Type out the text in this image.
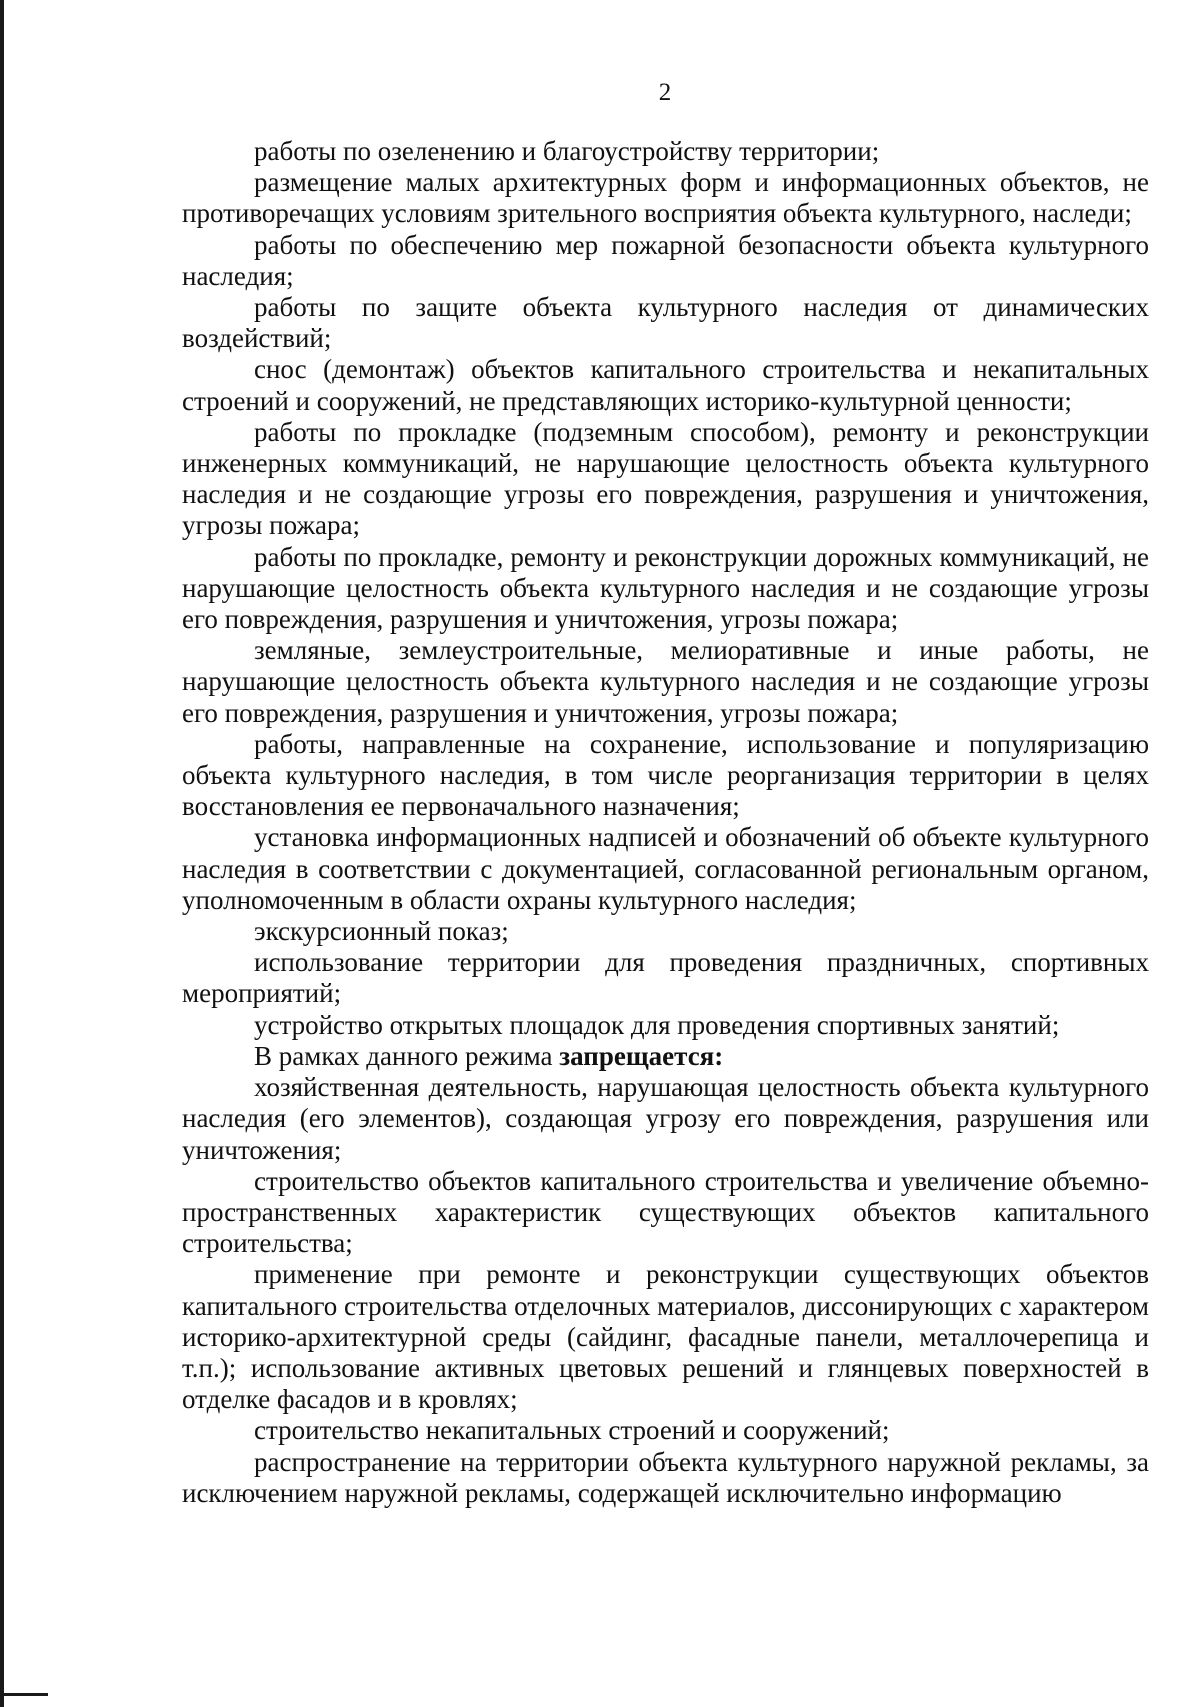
2

работы по озеленению и благоустройству территории;

размещение малых архитектурных форм и информационных объектов, не противоречащих условиям зрительного восприятия объекта культурного, наследи;

работы по обеспечению мер пожарной безопасности объекта культурного наследия;

работы по защите объекта культурного наследия от динамических воздействий;

снос (демонтаж) объектов капитального строительства и некапитальных строений и сооружений, не представляющих историко-культурной ценности;

работы по прокладке (подземным способом), ремонту и реконструкции инженерных коммуникаций, не нарушающие целостность объекта культурного наследия и не создающие угрозы его повреждения, разрушения и уничтожения, угрозы пожара;

работы по прокладке, ремонту и реконструкции дорожных коммуникаций, не нарушающие целостность объекта культурного наследия и не создающие угрозы его повреждения, разрушения и уничтожения, угрозы пожара;

земляные, землеустроительные, мелиоративные и иные работы, не нарушающие целостность объекта культурного наследия и не создающие угрозы его повреждения, разрушения и уничтожения, угрозы пожара;

работы, направленные на сохранение, использование и популяризацию объекта культурного наследия, в том числе реорганизация территории в целях восстановления ее первоначального назначения;

установка информационных надписей и обозначений об объекте культурного наследия в соответствии с документацией, согласованной региональным органом, уполномоченным в области охраны культурного наследия;

экскурсионный показ;

использование территории для проведения праздничных, спортивных мероприятий;

устройство открытых площадок для проведения спортивных занятий;

В рамках данного режима запрещается:

хозяйственная деятельность, нарушающая целостность объекта культурного наследия (его элементов), создающая угрозу его повреждения, разрушения или уничтожения;

строительство объектов капитального строительства и увеличение объемно-пространственных характеристик существующих объектов капитального строительства;

применение при ремонте и реконструкции существующих объектов капитального строительства отделочных материалов, диссонирующих с характером историко-архитектурной среды (сайдинг, фасадные панели, металлочерепица и т.п.); использование активных цветовых решений и глянцевых поверхностей в отделке фасадов и в кровлях;

строительство некапитальных строений и сооружений;

распространение на территории объекта культурного наружной рекламы, за исключением наружной рекламы, содержащей исключительно информацию
